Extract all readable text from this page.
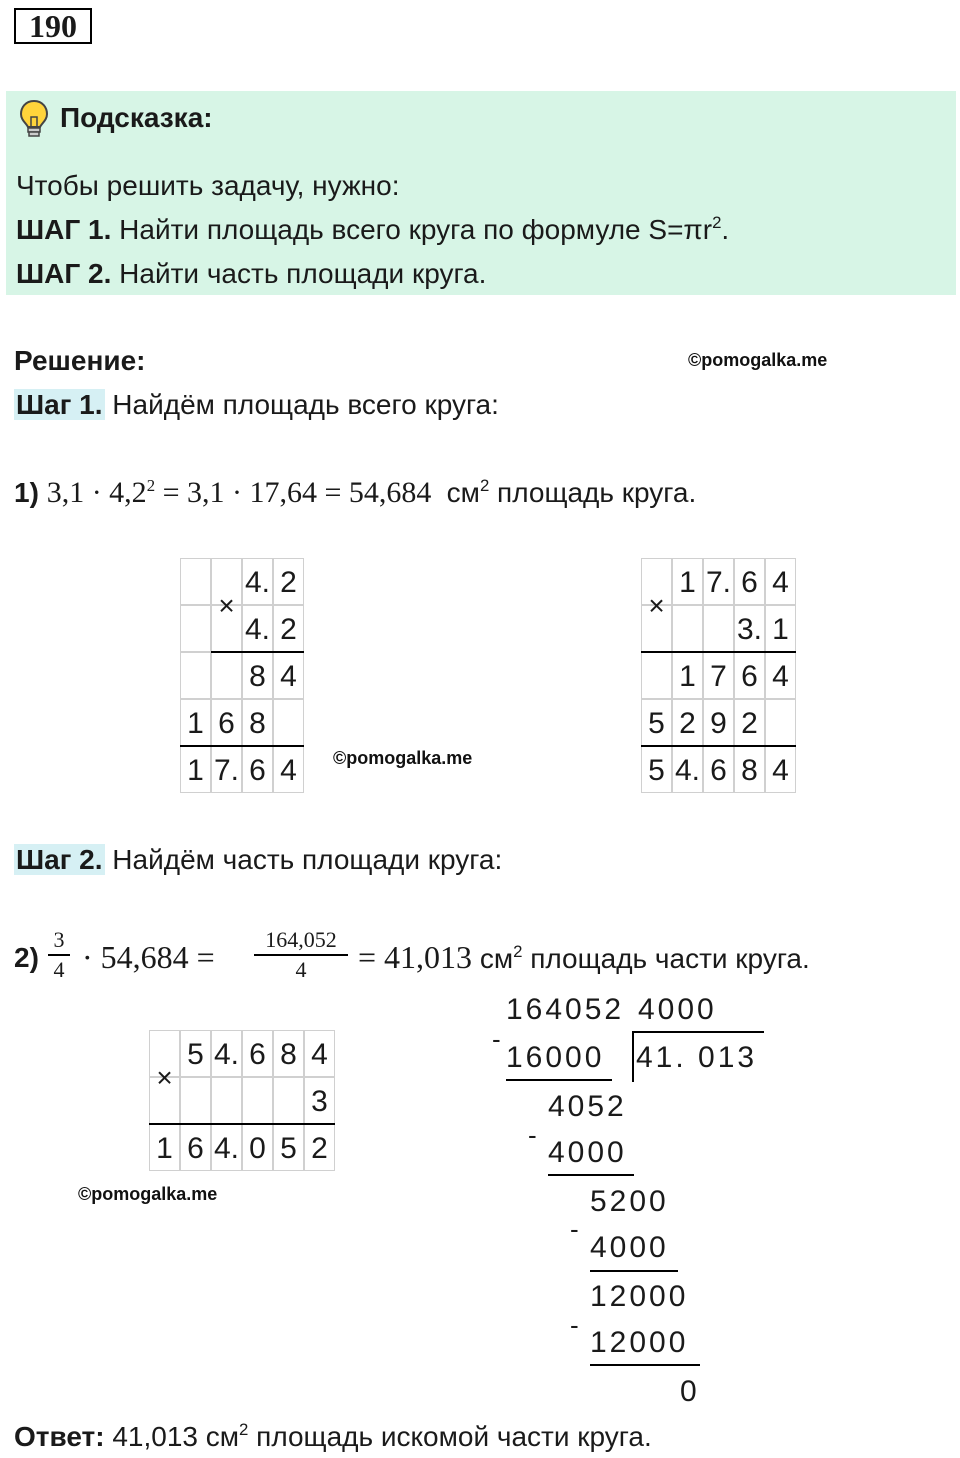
190
Подсказка:
Чтобы решить задачу, нужно:
ШАГ 1. Найти площадь всего круга по формуле $S=\pi r^2$.
ШАГ 2. Найти часть площади круга.
Решение:	©pomogalka.me
Шаг 1. Найдём площадь всего круга:
1) $3,1 \cdot 4,2^2 = 3,1 \cdot 17,64 = 54,684$  $см^2$ площадь круга.
4. 2
4. 2
8 4
1 6 8
1 7. 6 4
×
©pomogalka.me
1 7. 6 4
3. 1
1 7 6 4
5 2 9 2
5 4. 6 8 4
×
Шаг 2. Найдём часть площади круга:
2)
3
4 · 54,684 =	164,052
4	= 41,013 $см^2$ площадь части круга.
5 4. 6 8 4
3
1 6 4. 0 5 2
×
©pomogalka.me
164052 4000
41. 013
-
16000
4052
-
4000
5200
-
4000
12000
-
12000
0
Ответ: 41,013 $см^2$ площадь искомой части круга.
